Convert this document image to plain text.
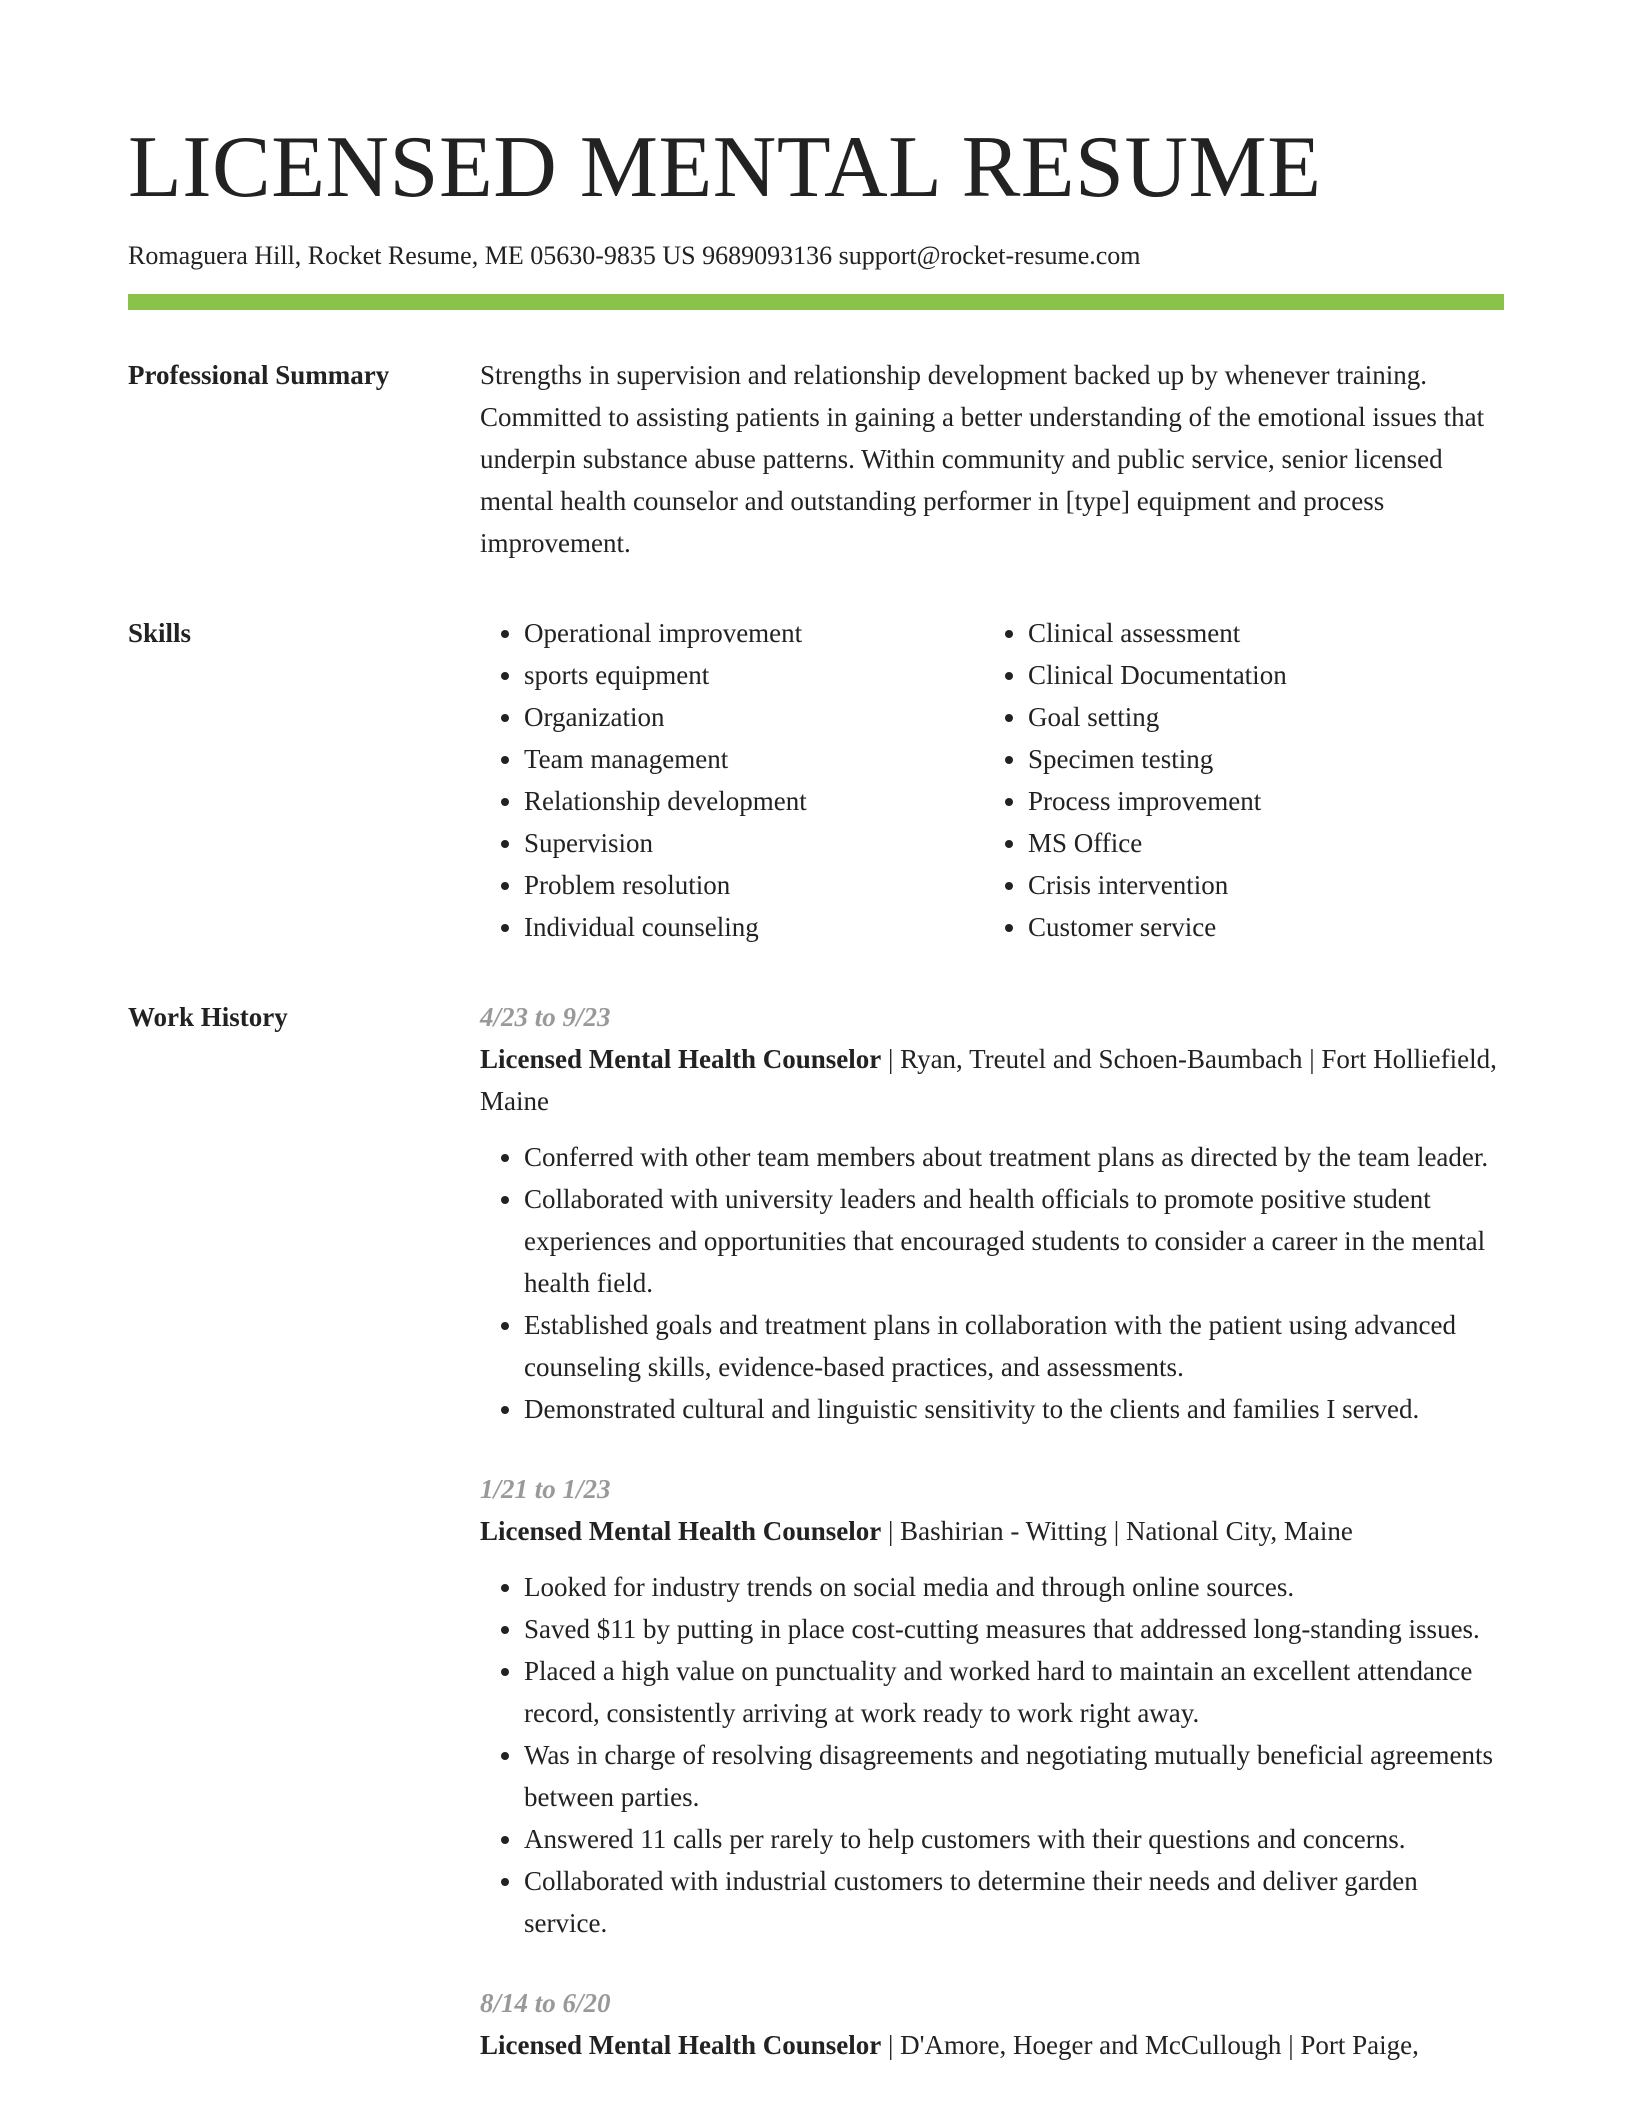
LICENSED MENTAL RESUME
Romaguera Hill, Rocket Resume, ME 05630-9835 US 9689093136 support@rocket-resume.com
Professional Summary	Strengths in supervision and relationship development backed up by whenever training. Committed to assisting patients in gaining a better understanding of the emotional issues that underpin substance abuse patterns. Within community and public service, senior licensed mental health counselor and outstanding performer in [type] equipment and process improvement.

Skills
•	Operational improvement
• sports equipment
• Organization
• Team management
• Relationship development
• Supervision
• Problem resolution
• Individual counseling
• Clinical assessment
• Clinical Documentation
• Goal setting
• Specimen testing
• Process improvement
• MS Office
• Crisis intervention
• Customer service
Work History	4/23 to 9/23
Licensed Mental Health Counselor | Ryan, Treutel and Schoen-Baumbach | Fort Holliefield, Maine
• Conferred with other team members about treatment plans as directed by the team leader.
• Collaborated with university leaders and health officials to promote positive student experiences and opportunities that encouraged students to consider a career in the mental health field.
• Established goals and treatment plans in collaboration with the patient using advanced counseling skills, evidence-based practices, and assessments.
• Demonstrated cultural and linguistic sensitivity to the clients and families I served.
1/21 to 1/23
Licensed Mental Health Counselor | Bashirian - Witting | National City, Maine
• Looked for industry trends on social media and through online sources.
• Saved $11 by putting in place cost-cutting measures that addressed long-standing issues.
• Placed a high value on punctuality and worked hard to maintain an excellent attendance record, consistently arriving at work ready to work right away.
• Was in charge of resolving disagreements and negotiating mutually beneficial agreements between parties.
• Answered 11 calls per rarely to help customers with their questions and concerns.
• Collaborated with industrial customers to determine their needs and deliver garden service.
8/14 to 6/20
Licensed Mental Health Counselor | D'Amore, Hoeger and McCullough | Port Paige,
